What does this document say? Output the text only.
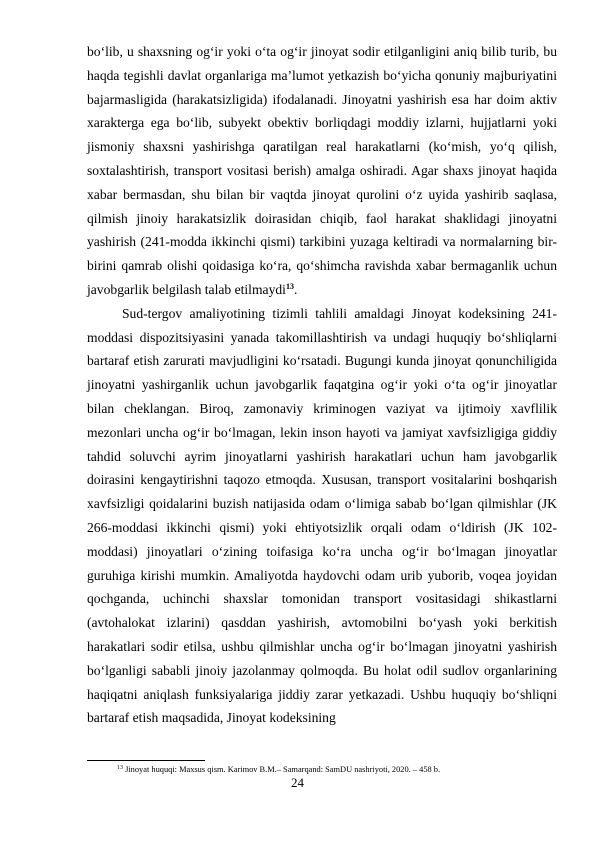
bo‘lib, u shaxsning og‘ir yoki o‘ta og‘ir jinoyat sodir etilganligini aniq bilib turib, bu haqda tegishli davlat organlariga ma’lumot yetkazish bo‘yicha qonuniy majburiyatini bajarmasligida (harakatsizligida) ifodalanadi. Jinoyatni yashirish esa har doim aktiv xarakterga ega bo‘lib, subyekt obektiv borliqdagi moddiy izlarni, hujjatlarni yoki jismoniy shaxsni yashirishga qaratilgan real harakatlarni (ko‘mish, yo‘q qilish, soxtalashtirish, transport vositasi berish) amalga oshiradi. Agar shaxs jinoyat haqida xabar bermasdan, shu bilan bir vaqtda jinoyat qurolini o‘z uyida yashirib saqlasa, qilmish jinoiy harakatsizlik doirasidan chiqib, faol harakat shaklidagi jinoyatni yashirish (241-modda ikkinchi qismi) tarkibini yuzaga keltiradi va normalarning bir-birini qamrab olishi qoidasiga ko‘ra, qo‘shimcha ravishda xabar bermaganlik uchun javobgarlik belgilash talab etilmaydi$^{13}$.

Sud-tergov amaliyotining tizimli tahlili amaldagi Jinoyat kodeksining 241-moddasi dispozitsiyasini yanada takomillashtirish va undagi huquqiy bo‘shliqlarni bartaraf etish zarurati mavjudligini ko‘rsatadi. Bugungi kunda jinoyat qonunchiligida jinoyatni yashirganlik uchun javobgarlik faqatgina og‘ir yoki o‘ta og‘ir jinoyatlar bilan cheklangan. Biroq, zamonaviy kriminogen vaziyat va ijtimoiy xavflilik mezonlari uncha og‘ir bo‘lmagan, lekin inson hayoti va jamiyat xavfsizligiga giddiy tahdid soluvchi ayrim jinoyatlarni yashirish harakatlari uchun ham javobgarlik doirasini kengaytirishni taqozo etmoqda. Xususan, transport vositalarini boshqarish xavfsizligi qoidalarini buzish natijasida odam o‘limiga sabab bo‘lgan qilmishlar (JK 266-moddasi ikkinchi qismi) yoki ehtiyotsizlik orqali odam o‘ldirish (JK 102-moddasi) jinoyatlari o‘zining toifasiga ko‘ra uncha og‘ir bo‘lmagan jinoyatlar guruhiga kirishi mumkin. Amaliyotda haydovchi odam urib yuborib, voqea joyidan qochganda, uchinchi shaxslar tomonidan transport vositasidagi shikastlarni (avtohalokat izlarini) qasddan yashirish, avtomobilni bo‘yash yoki berkitish harakatlari sodir etilsa, ushbu qilmishlar uncha og‘ir bo‘lmagan jinoyatni yashirish bo‘lganligi sababli jinoiy jazolanmay qolmoqda. Bu holat odil sudlov organlarining haqiqatni aniqlash funksiyalariga jiddiy zarar yetkazadi. Ushbu huquqiy bo‘shliqni bartaraf etish maqsadida, Jinoyat kodeksining

$^{13}$ Jinoyat huquqi: Maxsus qism. Karimov B.M.– Samarqand: SamDU nashriyoti, 2020. – 458 b.
24
